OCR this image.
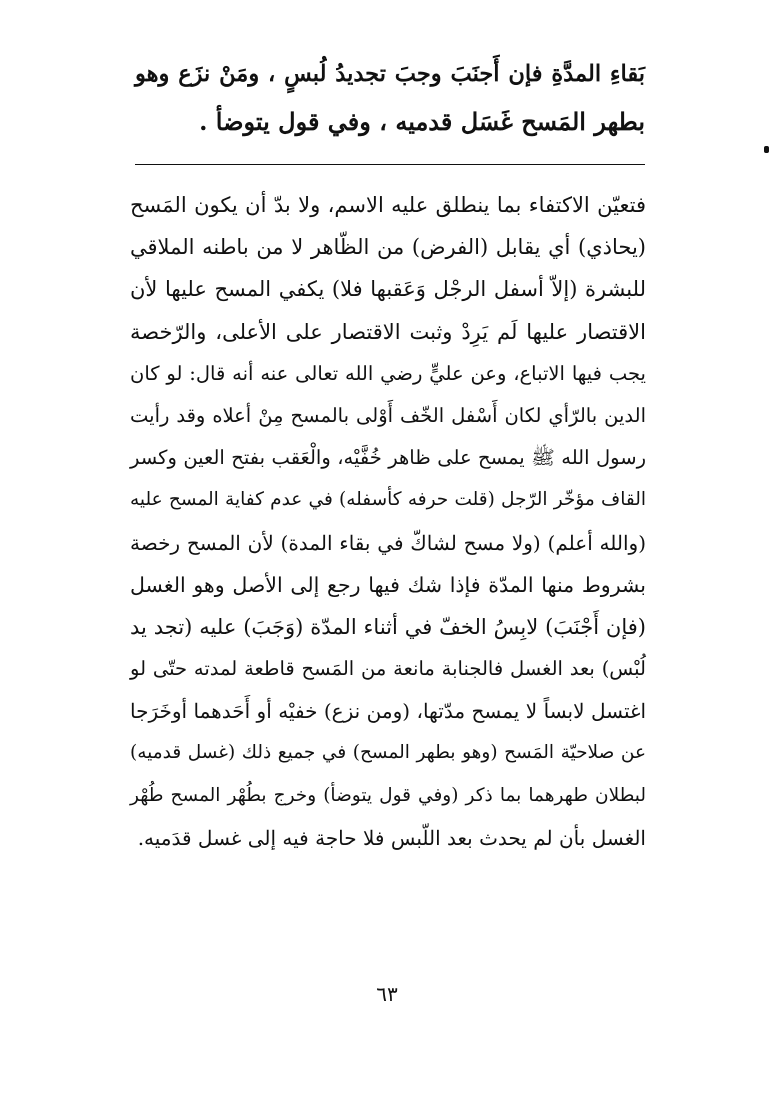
بَقاءِ المدَّةِ فإن أَجنَبَ وجبَ تجديدُ لُبسٍ ، ومَنْ نزَع وهو
بطهر المَسح غَسَل قدميه ، وفي قول يتوضأ .
فتعيّن الاكتفاء بما ينطلق عليه الاسم، ولا بدّ أن يكون المَسح
(يحاذي) أي يقابل (الفرض) من الظّاهر لا من باطنه الملاقي
للبشرة (إلاّ أسفل الرجْل وَعَقبها فلا) يكفي المسح عليها لأن
الاقتصار عليها لَم يَرِدْ وثبت الاقتصار على الأعلى، والرّخصة
يجب فيها الاتباع، وعن عليٍّ رضي الله تعالى عنه أنه قال: لو كان
الدين بالرّأي لكان أَسْفل الخّف أَوْلى بالمسح مِنْ أعلاه وقد رأيت
رسول الله ﷺ يمسح على ظاهر خُفَّيْه، والْعَقب بفتح العين وكسر
القاف مؤخّر الرّجل (قلت حرفه كأسفله) في عدم كفاية المسح عليه
(والله أعلم) (ولا مسح لشاكّ في بقاء المدة) لأن المسح رخصة
بشروط منها المدّة فإذا شك فيها رجع إلى الأصل وهو الغسل
(فإن أَجْنَبَ) لابِسُ الخفّ في أثناء المدّة (وَجَبَ) عليه (تجد يد
لُبْس) بعد الغسل فالجنابة مانعة من المَسح قاطعة لمدته حتّى لو
اغتسل لابساً لا يمسح مدّتها، (ومن نزع) خفيْه أو أَحَدهما أوخَرَجا
عن صلاحيّة المَسح (وهو بطهر المسح) في جميع ذلك (غسل قدميه)
لبطلان طهرهما بما ذكر (وفي قول يتوضأ) وخرج بطُهْر المسح طُهْر
الغسل بأن لم يحدث بعد اللّبس فلا حاجة فيه إلى غسل قدَميه.
٦٣
